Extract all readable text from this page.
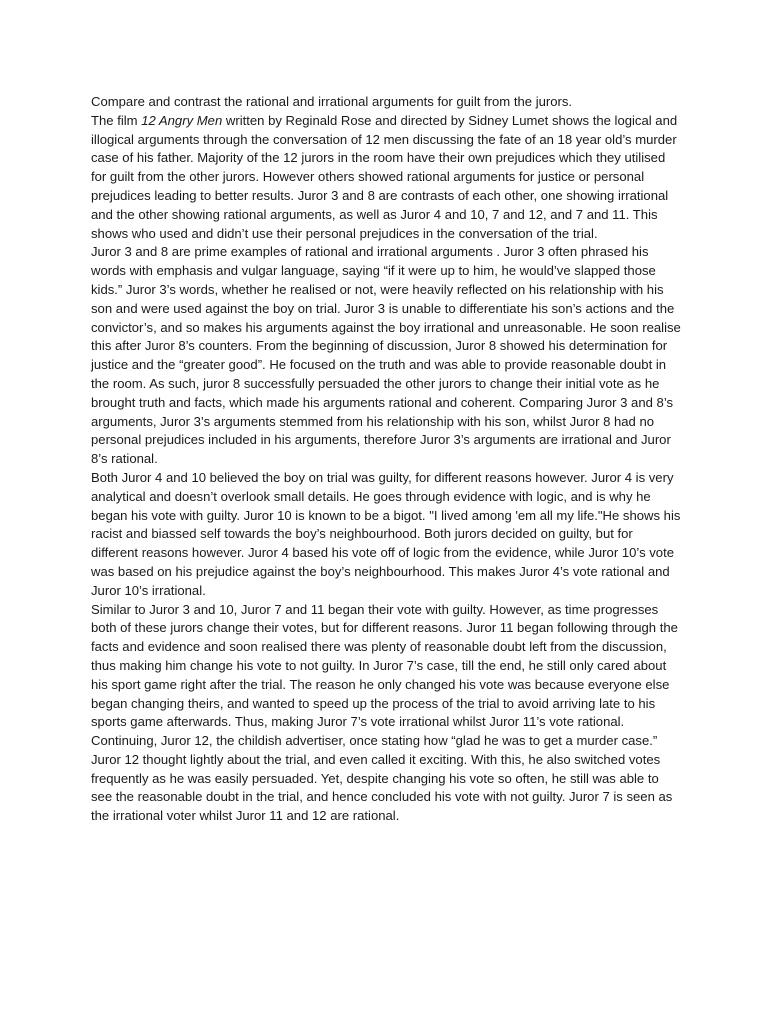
Compare and contrast the rational and irrational arguments for guilt from the jurors.

The film 12 Angry Men written by Reginald Rose and directed by Sidney Lumet shows the logical and illogical arguments through the conversation of 12 men discussing the fate of an 18 year old’s murder case of his father. Majority of the 12 jurors in the room have their own prejudices which they utilised for guilt from the other jurors. However others showed rational arguments for justice or personal prejudices leading to better results. Juror 3 and 8 are contrasts of each other, one showing irrational and the other showing rational arguments, as well as Juror 4 and 10, 7 and 12, and 7 and 11. This shows who used and didn’t use their personal prejudices in the conversation of the trial.

Juror 3 and 8 are prime examples of rational and irrational arguments . Juror 3 often phrased his words with emphasis and vulgar language, saying “if it were up to him, he would’ve slapped those kids.” Juror 3’s words, whether he realised or not, were heavily reflected on his relationship with his son and were used against the boy on trial. Juror 3 is unable to differentiate his son’s actions and the convictor’s, and so makes his arguments against the boy irrational and unreasonable. He soon realise this after Juror 8’s counters. From the beginning of discussion, Juror 8 showed his determination for justice and the “greater good”. He focused on the truth and was able to provide reasonable doubt in the room. As such, juror 8 successfully persuaded the other jurors to change their initial vote as he brought truth and facts, which made his arguments rational and coherent. Comparing Juror 3 and 8’s arguments, Juror 3’s arguments stemmed from his relationship with his son, whilst Juror 8 had no personal prejudices included in his arguments, therefore Juror 3’s arguments are irrational and Juror 8’s rational.

Both Juror 4 and 10 believed the boy on trial was guilty, for different reasons however. Juror 4 is very analytical and doesn’t overlook small details. He goes through evidence with logic, and is why he began his vote with guilty. Juror 10 is known to be a bigot. "I lived among 'em all my life."He shows his racist and biassed self towards the boy’s neighbourhood. Both jurors decided on guilty, but for different reasons however. Juror 4 based his vote off of logic from the evidence, while Juror 10’s vote was based on his prejudice against the boy’s neighbourhood. This makes Juror 4’s vote rational and Juror 10’s irrational.

Similar to Juror 3 and 10, Juror 7 and 11 began their vote with guilty. However, as time progresses both of these jurors change their votes, but for different reasons. Juror 11 began following through the facts and evidence and soon realised there was plenty of reasonable doubt left from the discussion, thus making him change his vote to not guilty. In Juror 7’s case, till the end, he still only cared about his sport game right after the trial. The reason he only changed his vote was because everyone else began changing theirs, and wanted to speed up the process of the trial to avoid arriving late to his sports game afterwards. Thus, making Juror 7’s vote irrational whilst Juror 11’s vote rational. Continuing, Juror 12, the childish advertiser, once stating how “glad he was to get a murder case.” Juror 12 thought lightly about the trial, and even called it exciting. With this, he also switched votes frequently as he was easily persuaded. Yet, despite changing his vote so often, he still was able to see the reasonable doubt in the trial, and hence concluded his vote with not guilty. Juror 7 is seen as the irrational voter whilst Juror 11 and 12 are rational.
